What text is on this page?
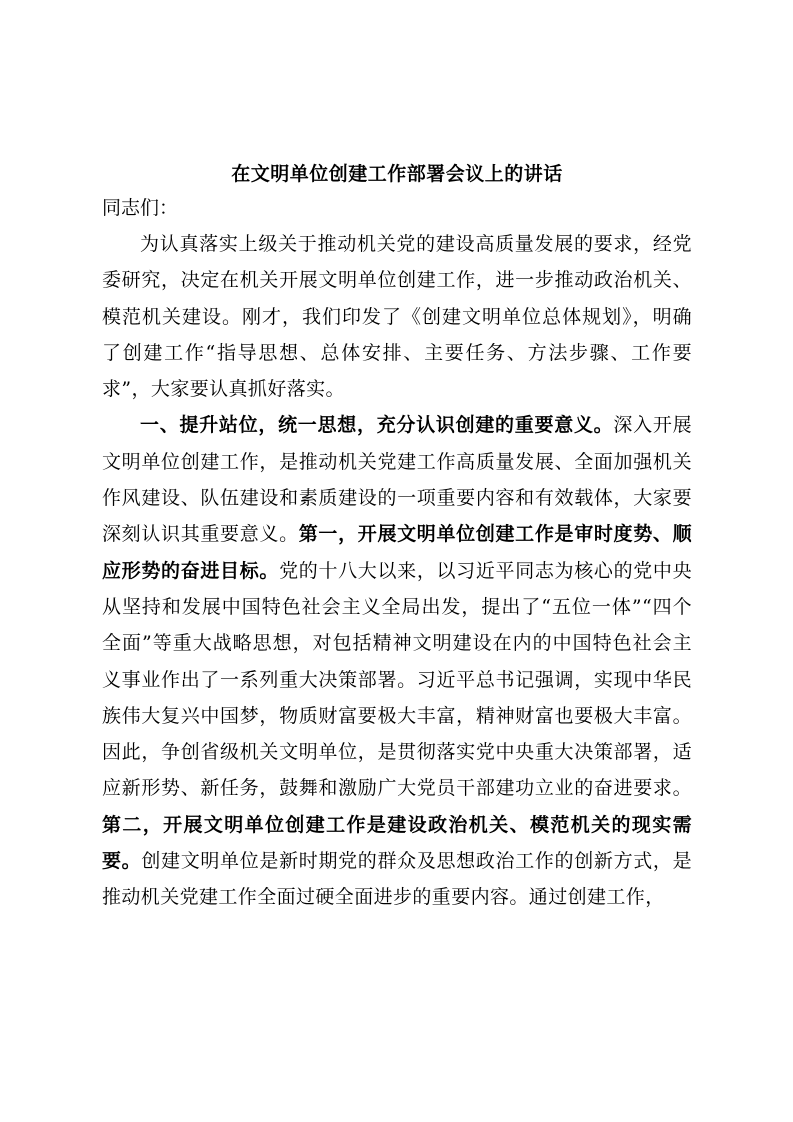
在文明单位创建工作部署会议上的讲话

同志们：

为认真落实上级关于推动机关党的建设高质量发展的要求，经党委研究，决定在机关开展文明单位创建工作，进一步推动政治机关、模范机关建设。刚才，我们印发了《创建文明单位总体规划》，明确了创建工作“指导思想、总体安排、主要任务、方法步骤、工作要求”，大家要认真抓好落实。

一、提升站位，统一思想，充分认识创建的重要意义。深入开展文明单位创建工作，是推动机关党建工作高质量发展、全面加强机关作风建设、队伍建设和素质建设的一项重要内容和有效载体，大家要深刻认识其重要意义。第一，开展文明单位创建工作是审时度势、顺应形势的奋进目标。党的十八大以来，以习近平同志为核心的党中央从坚持和发展中国特色社会主义全局出发，提出了“五位一体”“四个全面”等重大战略思想，对包括精神文明建设在内的中国特色社会主义事业作出了一系列重大决策部署。习近平总书记强调，实现中华民族伟大复兴中国梦，物质财富要极大丰富，精神财富也要极大丰富。因此，争创省级机关文明单位，是贯彻落实党中央重大决策部署，适应新形势、新任务，鼓舞和激励广大党员干部建功立业的奋进要求。第二，开展文明单位创建工作是建设政治机关、模范机关的现实需要。创建文明单位是新时期党的群众及思想政治工作的创新方式，是推动机关党建工作全面过硬全面进步的重要内容。通过创建工作，
